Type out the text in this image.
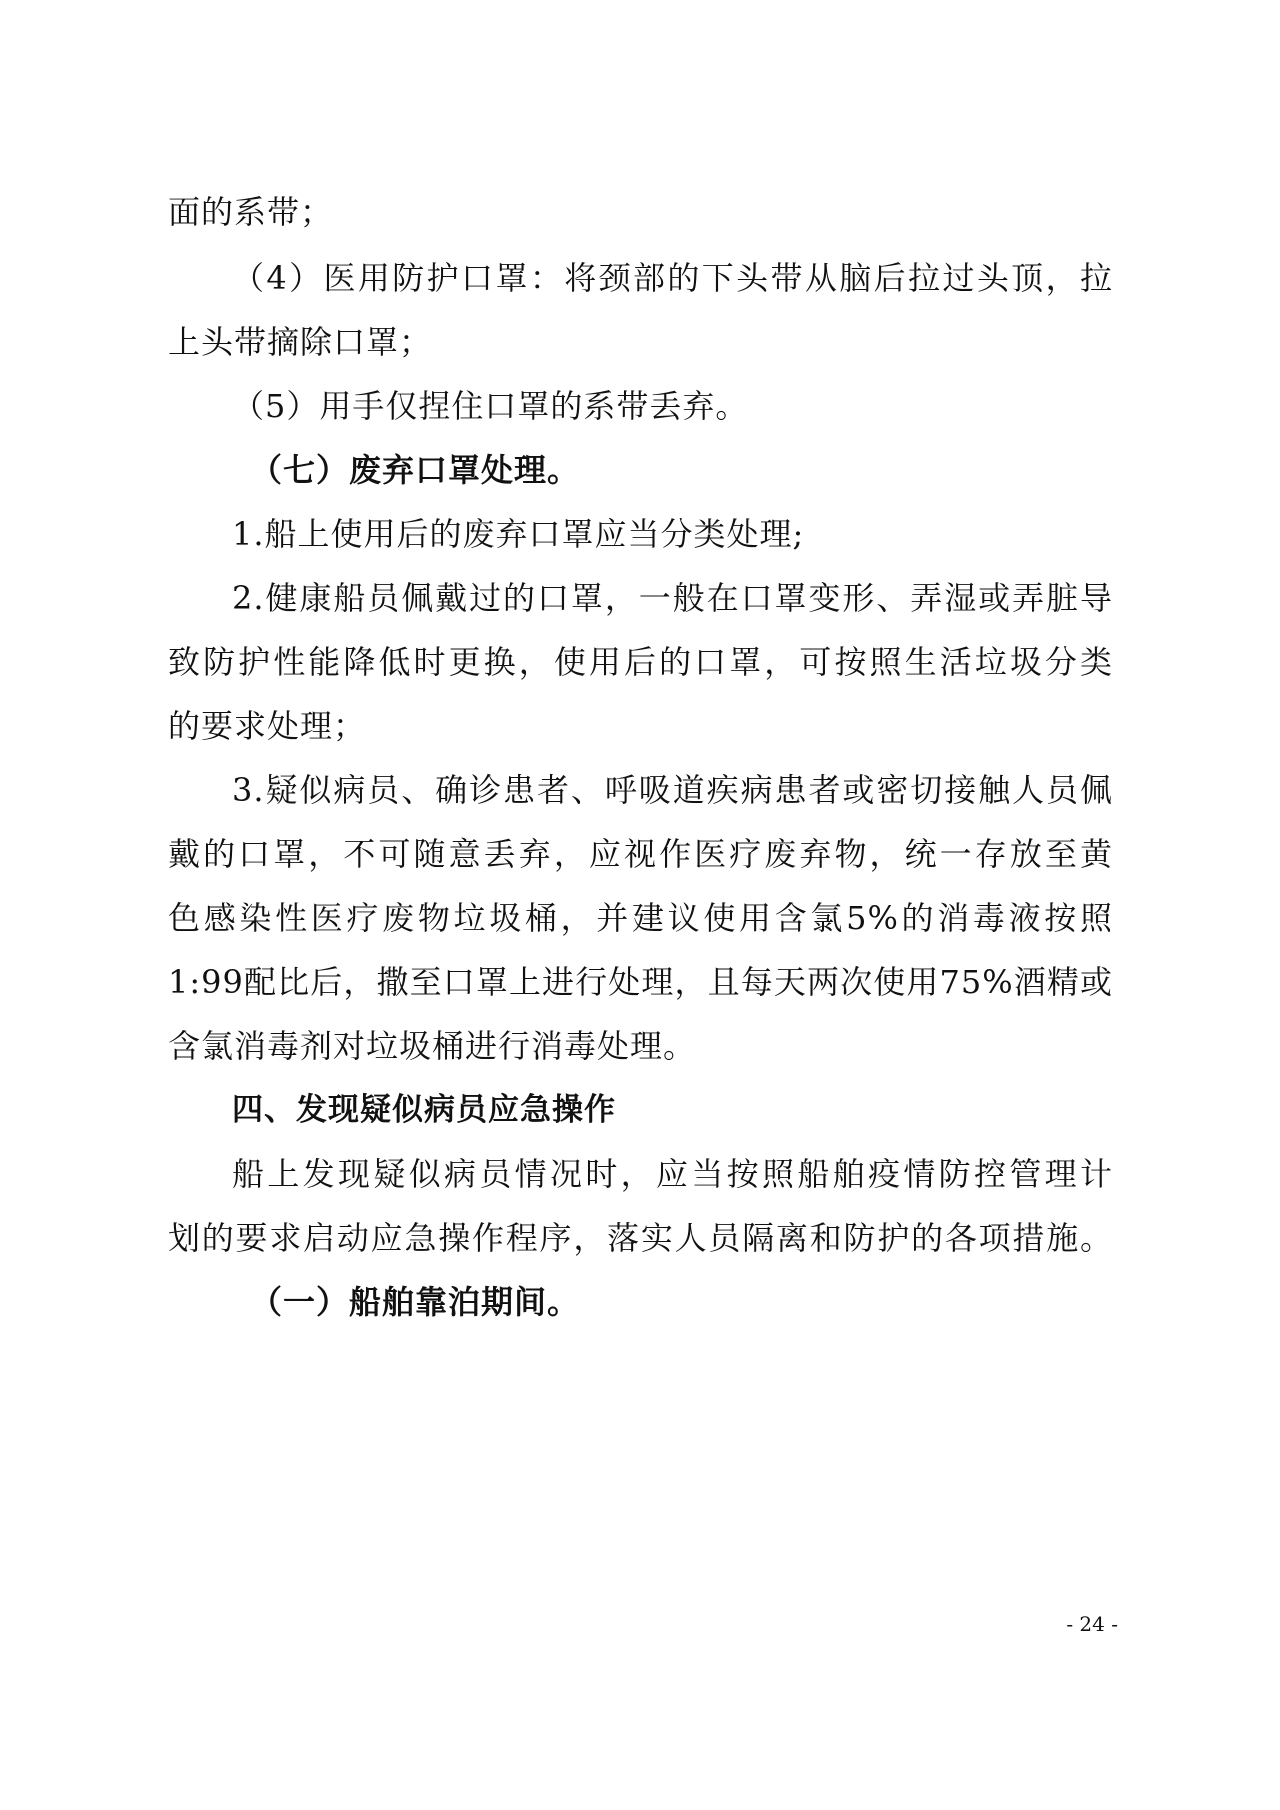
面的系带；
（4）医用防护口罩：将颈部的下头带从脑后拉过头顶，拉
上头带摘除口罩；
（5）用手仅捏住口罩的系带丢弃。
（七）废弃口罩处理。
1.船上使用后的废弃口罩应当分类处理;
2.健康船员佩戴过的口罩，一般在口罩变形、弄湿或弄脏导
致防护性能降低时更换，使用后的口罩，可按照生活垃圾分类
的要求处理；
3.疑似病员、确诊患者、呼吸道疾病患者或密切接触人员佩
戴的口罩，不可随意丢弃，应视作医疗废弃物，统一存放至黄
色感染性医疗废物垃圾桶，并建议使用含氯5%的消毒液按照
1:99配比后，撒至口罩上进行处理，且每天两次使用75%酒精或
含氯消毒剂对垃圾桶进行消毒处理。
四、发现疑似病员应急操作
船上发现疑似病员情况时，应当按照船舶疫情防控管理计
划的要求启动应急操作程序，落实人员隔离和防护的各项措施。
（一）船舶靠泊期间。
- 24 -
